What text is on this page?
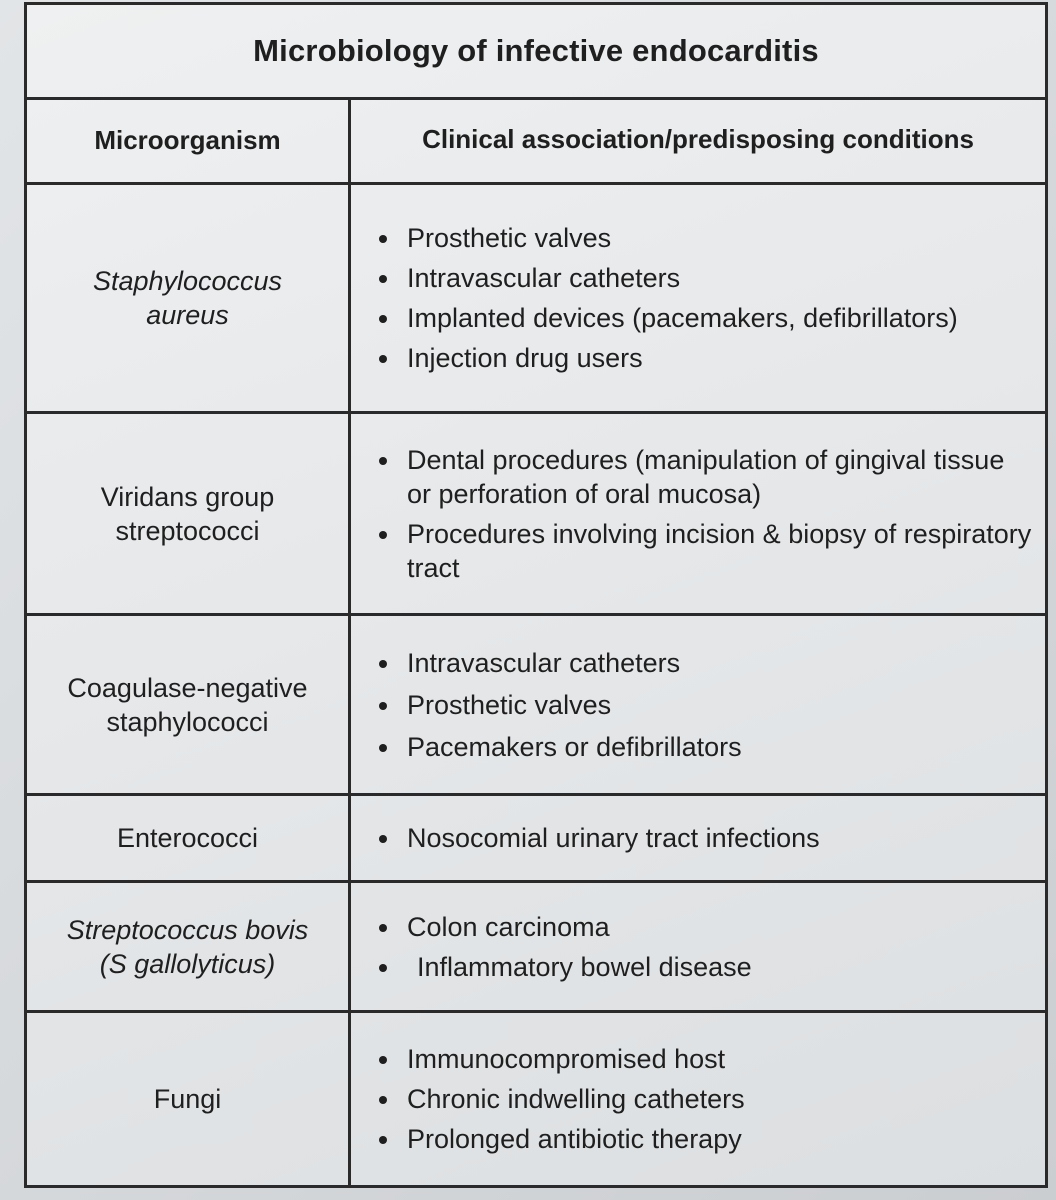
Microbiology of infective endocarditis
Microorganism	Clinical association/predisposing conditions
Staphylococcus aureus
Prosthetic valves
Intravascular catheters
Implanted devices (pacemakers, defibrillators)
Injection drug users
Viridans group streptococci
Dental procedures (manipulation of gingival tissue or perforation of oral mucosa)
Procedures involving incision & biopsy of respiratory tract
Coagulase-negative staphylococci
Intravascular catheters
Prosthetic valves
Pacemakers or defibrillators
Enterococci	Nosocomial urinary tract infections
Streptococcus bovis (S gallolyticus)
Colon carcinoma
Inflammatory bowel disease
Fungi
Immunocompromised host
Chronic indwelling catheters
Prolonged antibiotic therapy
